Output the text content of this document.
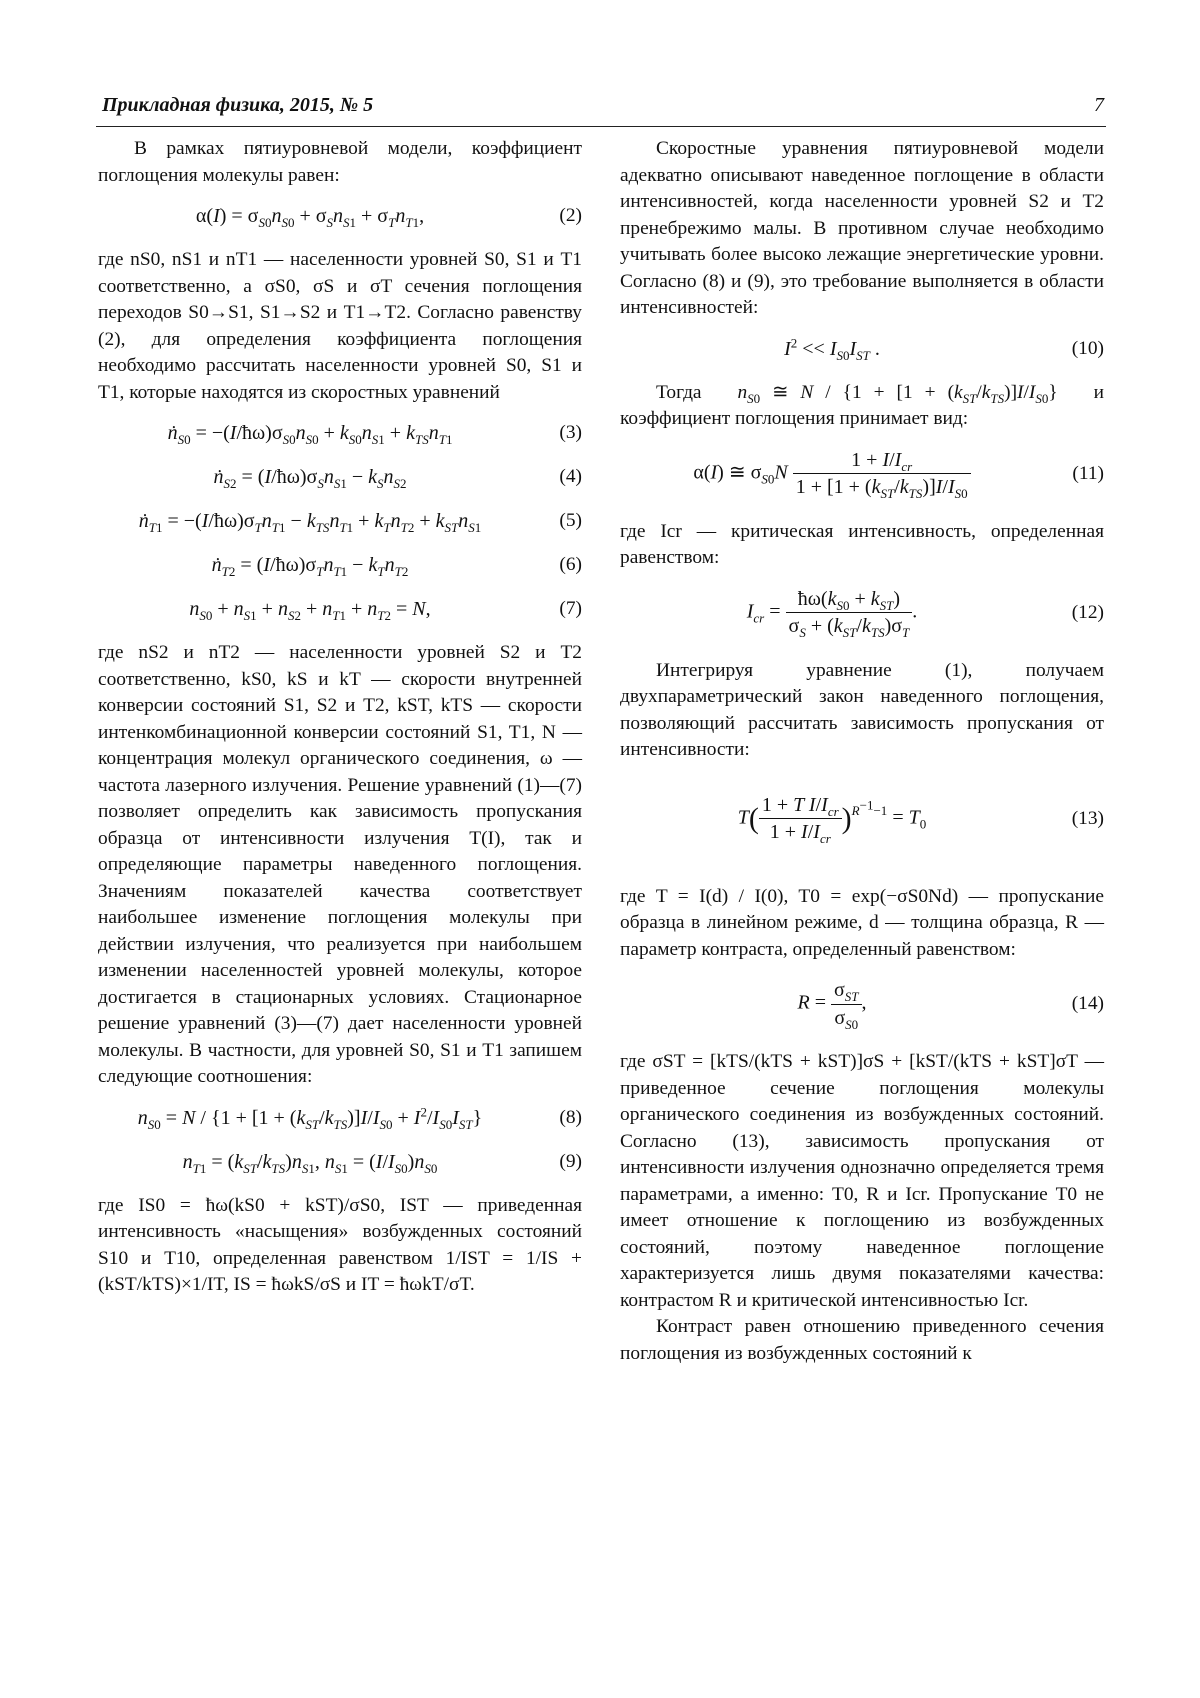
Прикладная физика, 2015, № 5	7

В рамках пятиуровневой модели, коэффициент поглощения молекулы равен:

$\alpha(I) = \sigma_{S0}n_{S0} + \sigma_Sn_{S1} + \sigma_Tn_{T1}$,	(2)

где nS0, nS1 и nT1 — населенности уровней S0, S1 и T1 соответственно, а σS0, σS и σT сечения поглощения переходов S0→S1, S1→S2 и T1→T2. Согласно равенству (2), для определения коэффициента поглощения необходимо рассчитать населенности уровней S0, S1 и T1, которые находятся из скоростных уравнений

ṅ$_{S0}$ = $-(I/ħ\omega)\sigma_{S0}n_{S0} + k_{S0}n_{S1} + k_{TS}n_{T1}$	(3)
ṅ$_{S2}$ = $(I/ħ\omega)\sigma_Sn_{S1} - k_Sn_{S2}$	(4)
ṅ$_{T1}$ = $-(I/ħ\omega)\sigma_Tn_{T1} - k_{TS}n_{T1} + k_Tn_{T2} + k_{ST}n_{S1}$	(5)
ṅ$_{T2}$ = $(I/ħ\omega)\sigma_Tn_{T1} - k_Tn_{T2}$	(6)
$n_{S0} + n_{S1} + n_{S2} + n_{T1} + n_{T2} = N$,	(7)

где nS2 и nT2 — населенности уровней S2 и T2 соответственно, kS0, kS и kT — скорости внутренней конверсии состояний S1, S2 и T2, kST, kTS — скорости интенкомбинационной конверсии состояний S1, T1, N — концентрация молекул органического соединения, ω — частота лазерного излучения. Решение уравнений (1)—(7) позволяет определить как зависимость пропускания образца от интенсивности излучения T(I), так и определяющие параметры наведенного поглощения. Значениям показателей качества соответствует наибольшее изменение поглощения молекулы при действии излучения, что реализуется при наибольшем изменении населенностей уровней молекулы, которое достигается в стационарных условиях. Стационарное решение уравнений (3)—(7) дает населенности уровней молекулы. В частности, для уровней S0, S1 и T1 запишем следующие соотношения:

$n_{S0} = N / \{1 + [1 + (k_{ST}/k_{TS})]I/I_{S0} + I^2/I_{S0}I_{ST}\}$	(8)
$n_{T1} = (k_{ST}/k_{TS})n_{S1}$, $n_{S1} = (I/I_{S0})n_{S0}$	(9)

где IS0 = ħω(kS0 + kST)/σS0, IST — приведенная интенсивность «насыщения» возбужденных состояний S10 и T10, определенная равенством 1/IST = 1/IS + (kST/kTS)×1/IT, IS = ħωkS/σS и IT = ħωkT/σT.

Скоростные уравнения пятиуровневой модели адекватно описывают наведенное поглощение в области интенсивностей, когда населенности уровней S2 и T2 пренебрежимо малы. В противном случае необходимо учитывать более высоко лежащие энергетические уровни. Согласно (8) и (9), это требование выполняется в области интенсивностей:

$I^2 << I_{S0}I_{ST}$ .	(10)

Тогда $n_{S0}$ ≅ $N / \{1 + [1 + (k_{ST}/k_{TS})]I/I_{S0}\}$   и коэффициент поглощения принимает вид:

α(I) ≅ $\sigma_{S0}N \frac{1 + I/I_{cr}}{1 + [1 + (k_{ST}/k_{TS})]I/I_{S0}}$	(11)

где Icr — критическая интенсивность, определенная равенством:

$I_{cr} = \frac{ħ\omega(k_{S0} + k_{ST})}{\sigma_S + (k_{ST}/k_{TS})\sigma_T}$ .	(12)

Интегрируя уравнение (1), получаем двухпараметрический закон наведенного поглощения, позволяющий рассчитать зависимость пропускания от интенсивности:

$T( \frac{1 + T I/I_{cr}}{1 + I/I_{cr}} )^{R^{-1}-1} = T_0$	(13)

где T = I(d) / I(0), T0 = exp(−σS0Nd) — пропускание образца в линейном режиме, d — толщина образца, R — параметр контраста, определенный равенством:

$R = \frac{\sigma_{ST}}{\sigma_{S0}}$ ,	(14)

где σST = [kTS/(kTS + kST)]σS + [kST/(kTS + kST]σT — приведенное сечение поглощения молекулы органического соединения из возбужденных состояний. Согласно (13), зависимость пропускания от интенсивности излучения однозначно определяется тремя параметрами, а именно: T0, R и Icr. Пропускание T0 не имеет отношение к поглощению из возбужденных состояний, поэтому наведенное поглощение характеризуется лишь двумя показателями качества: контрастом R и критической интенсивностью Icr.

Контраст равен отношению приведенного сечения поглощения из возбужденных состояний к
